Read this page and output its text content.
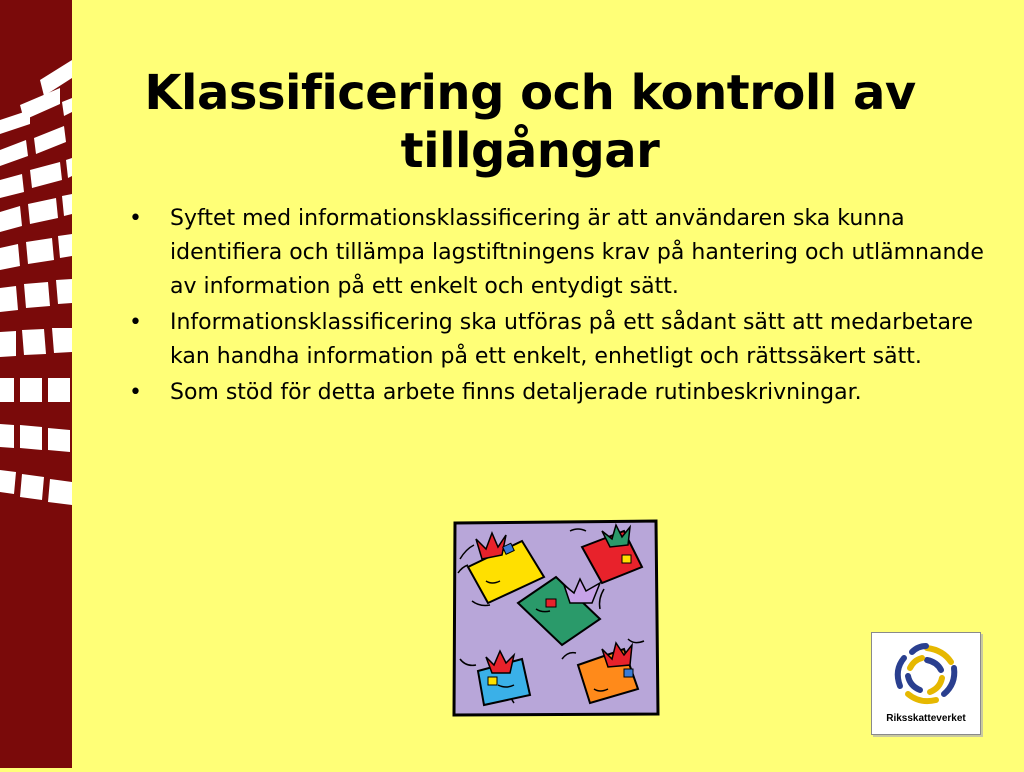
Klassificering och kontroll av tillgångar
• Syftet med informationsklassificering är att användaren ska kunna identifiera och tillämpa lagstiftningens krav på hantering och utlämnande av information på ett enkelt och entydigt sätt.
• Informationsklassificering ska utföras på ett sådant sätt att medarbetare kan handha information på ett enkelt, enhetligt och rättssäkert sätt.
• Som stöd för detta arbete finns detaljerade rutinbeskrivningar.
Riksskatteverket
